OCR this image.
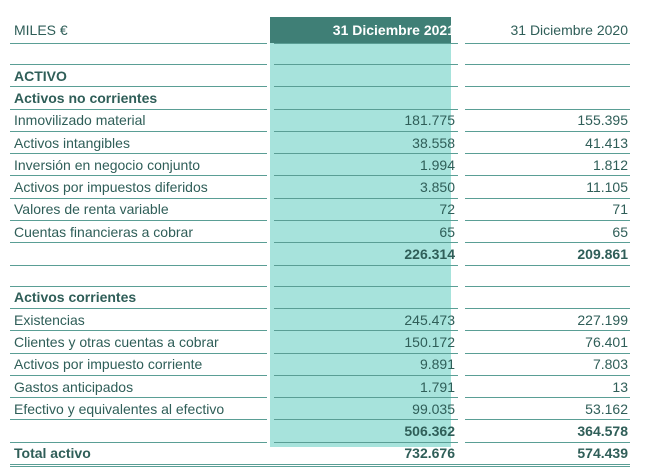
MILES €		31 Diciembre 2021		31 Diciembre 2020

ACTIVO				
Activos no corrientes				
Inmovilizado material		181.775		155.395
Activos intangibles		38.558		41.413
Inversión en negocio conjunto		1.994		1.812
Activos por impuestos diferidos		3.850		11.105
Valores de renta variable		72		71
Cuentas financieras a cobrar		65		65
		226.314		209.861

Activos corrientes				
Existencias		245.473		227.199
Clientes y otras cuentas a cobrar		150.172		76.401
Activos por impuesto corriente		9.891		7.803
Gastos anticipados		1.791		13
Efectivo y equivalentes al efectivo		99.035		53.162
		506.362		364.578
Total activo		732.676		574.439
